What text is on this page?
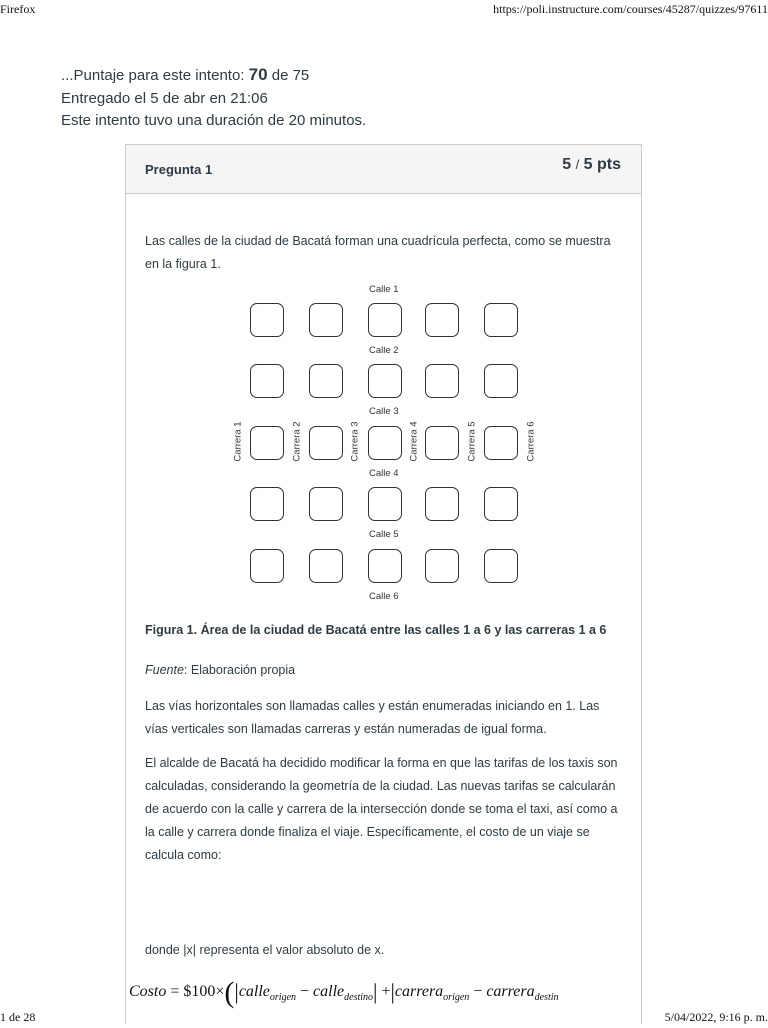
Firefox	https://poli.instructure.com/courses/45287/quizzes/97611
...Puntaje para este intento: 70 de 75
Entregado el 5 de abr en 21:06
Este intento tuvo una duración de 20 minutos.
Pregunta 1	5 / 5 pts
Las calles de la ciudad de Bacatá forman una cuadrícula perfecta, como se muestra en la figura 1.
Calle 1
Calle 2
Calle 3
Calle 4
Calle 5
Calle 6
Carrera 1	Carrera 2	Carrera 3	Carrera 4	Carrera 5	Carrera 6
Figura 1. Área de la ciudad de Bacatá entre las calles 1 a 6 y las carreras 1 a 6
Fuente: Elaboración propia
Las vías horizontales son llamadas calles y están enumeradas iniciando en 1. Las vías verticales son llamadas carreras y están numeradas de igual forma.
El alcalde de Bacatá ha decidido modificar la forma en que las tarifas de los taxis son calculadas, considerando la geometría de la ciudad. Las nuevas tarifas se calcularán de acuerdo con la calle y carrera de la intersección donde se toma el taxi, así como a la calle y carrera donde finaliza el viaje. Específicamente, el costo de un viaje se calcula como:
donde |x| representa el valor absoluto de x.
Costo = $100×(|calle$_{origen}$ − calle$_{destino}$| +|carrera$_{origen}$ − carrera$_{destin}$
1 de 28	5/04/2022, 9:16 p. m.
